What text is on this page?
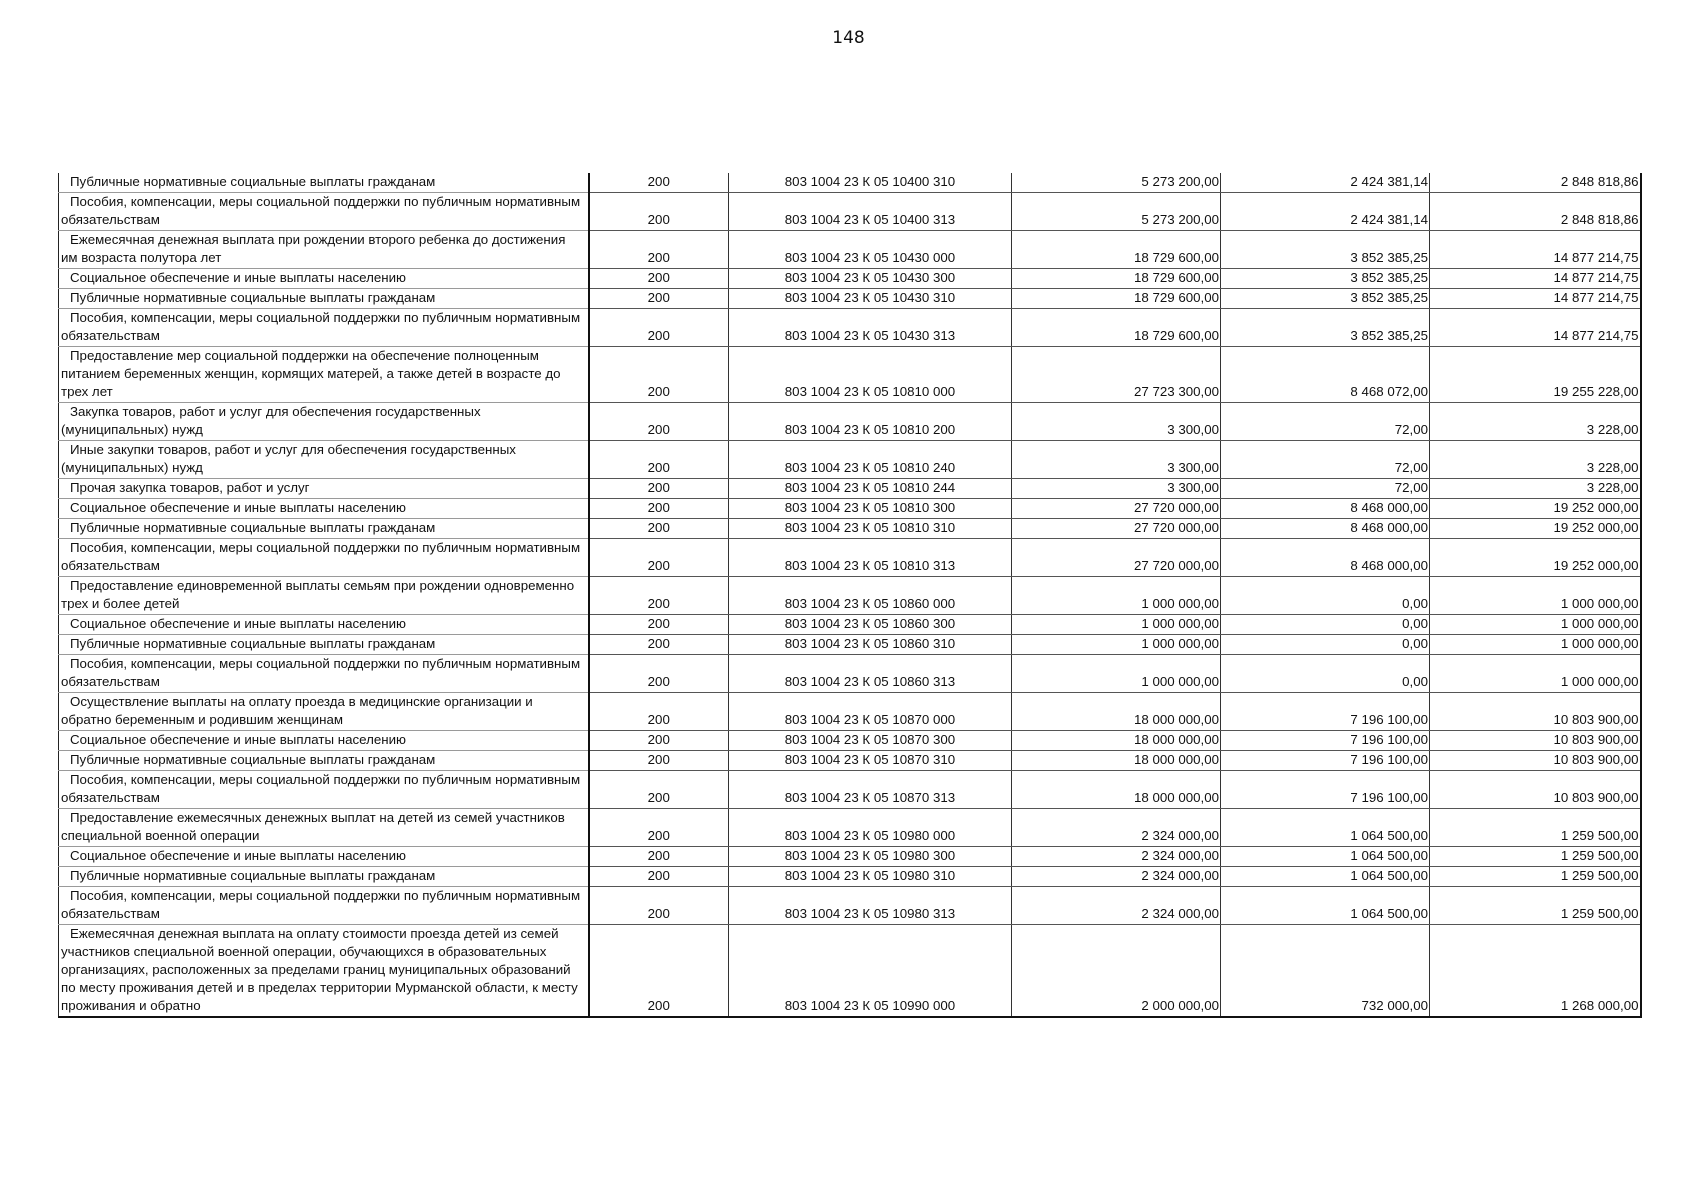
148
Публичные нормативные социальные выплаты гражданам	200	803 1004 23 К 05 10400 310	5 273 200,00	2 424 381,14	2 848 818,86
Пособия, компенсации, меры социальной поддержки по публичным нормативным обязательствам	200	803 1004 23 К 05 10400 313	5 273 200,00	2 424 381,14	2 848 818,86
Ежемесячная денежная выплата при рождении второго ребенка до достижения им возраста полутора лет	200	803 1004 23 К 05 10430 000	18 729 600,00	3 852 385,25	14 877 214,75
Социальное обеспечение и иные выплаты населению	200	803 1004 23 К 05 10430 300	18 729 600,00	3 852 385,25	14 877 214,75
Публичные нормативные социальные выплаты гражданам	200	803 1004 23 К 05 10430 310	18 729 600,00	3 852 385,25	14 877 214,75
Пособия, компенсации, меры социальной поддержки по публичным нормативным обязательствам	200	803 1004 23 К 05 10430 313	18 729 600,00	3 852 385,25	14 877 214,75
Предоставление мер социальной поддержки на обеспечение полноценным питанием беременных женщин, кормящих матерей, а также детей в возрасте до трех лет	200	803 1004 23 К 05 10810 000	27 723 300,00	8 468 072,00	19 255 228,00
Закупка товаров, работ и услуг для обеспечения государственных (муниципальных) нужд	200	803 1004 23 К 05 10810 200	3 300,00	72,00	3 228,00
Иные закупки товаров, работ и услуг для обеспечения государственных (муниципальных) нужд	200	803 1004 23 К 05 10810 240	3 300,00	72,00	3 228,00
Прочая закупка товаров, работ и услуг	200	803 1004 23 К 05 10810 244	3 300,00	72,00	3 228,00
Социальное обеспечение и иные выплаты населению	200	803 1004 23 К 05 10810 300	27 720 000,00	8 468 000,00	19 252 000,00
Публичные нормативные социальные выплаты гражданам	200	803 1004 23 К 05 10810 310	27 720 000,00	8 468 000,00	19 252 000,00
Пособия, компенсации, меры социальной поддержки по публичным нормативным обязательствам	200	803 1004 23 К 05 10810 313	27 720 000,00	8 468 000,00	19 252 000,00
Предоставление единовременной выплаты семьям при рождении одновременно трех и более детей	200	803 1004 23 К 05 10860 000	1 000 000,00	0,00	1 000 000,00
Социальное обеспечение и иные выплаты населению	200	803 1004 23 К 05 10860 300	1 000 000,00	0,00	1 000 000,00
Публичные нормативные социальные выплаты гражданам	200	803 1004 23 К 05 10860 310	1 000 000,00	0,00	1 000 000,00
Пособия, компенсации, меры социальной поддержки по публичным нормативным обязательствам	200	803 1004 23 К 05 10860 313	1 000 000,00	0,00	1 000 000,00
Осуществление выплаты на оплату проезда в медицинские организации и обратно беременным и родившим женщинам	200	803 1004 23 К 05 10870 000	18 000 000,00	7 196 100,00	10 803 900,00
Социальное обеспечение и иные выплаты населению	200	803 1004 23 К 05 10870 300	18 000 000,00	7 196 100,00	10 803 900,00
Публичные нормативные социальные выплаты гражданам	200	803 1004 23 К 05 10870 310	18 000 000,00	7 196 100,00	10 803 900,00
Пособия, компенсации, меры социальной поддержки по публичным нормативным обязательствам	200	803 1004 23 К 05 10870 313	18 000 000,00	7 196 100,00	10 803 900,00
Предоставление ежемесячных денежных выплат на детей из семей участников специальной военной операции	200	803 1004 23 К 05 10980 000	2 324 000,00	1 064 500,00	1 259 500,00
Социальное обеспечение и иные выплаты населению	200	803 1004 23 К 05 10980 300	2 324 000,00	1 064 500,00	1 259 500,00
Публичные нормативные социальные выплаты гражданам	200	803 1004 23 К 05 10980 310	2 324 000,00	1 064 500,00	1 259 500,00
Пособия, компенсации, меры социальной поддержки по публичным нормативным обязательствам	200	803 1004 23 К 05 10980 313	2 324 000,00	1 064 500,00	1 259 500,00
Ежемесячная денежная выплата на оплату стоимости проезда детей из семей участников специальной военной операции, обучающихся в образовательных организациях, расположенных за пределами границ муниципальных образований по месту проживания детей и в пределах территории Мурманской области, к месту проживания и обратно	200	803 1004 23 К 05 10990 000	2 000 000,00	732 000,00	1 268 000,00
